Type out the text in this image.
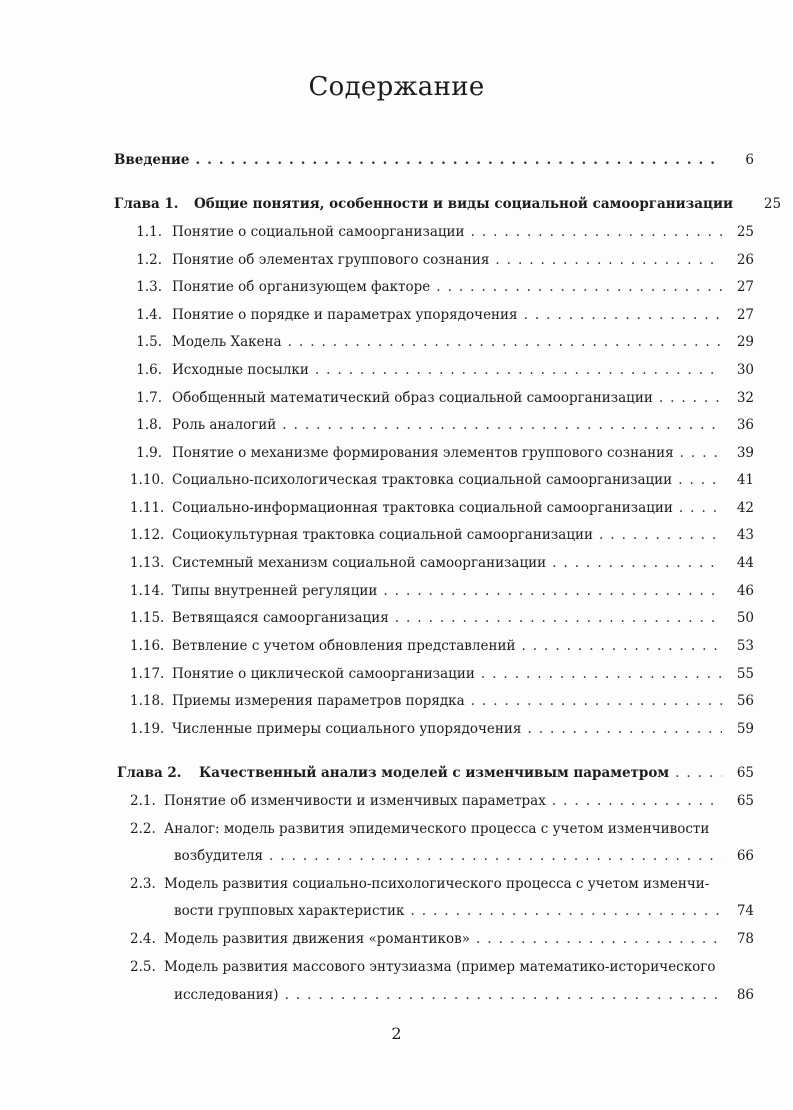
Содержание
Введение .....	6
Глава 1.	Общие понятия, особенности и виды социальной самоорганизации	25
1.1. Понятие о социальной самоорганизации .....	25
1.2. Понятие об элементах группового сознания .....	26
1.3. Понятие об организующем факторе .....	27
1.4. Понятие о порядке и параметрах упорядочения .....	27
1.5. Модель Хакена .....	29
1.6. Исходные посылки .....	30
1.7. Обобщенный математический образ социальной самоорганизации .....	32
1.8. Роль аналогий .....	36
1.9. Понятие о механизме формирования элементов группового сознания .....	39
1.10. Социально-психологическая трактовка социальной самоорганизации .....	41
1.11. Социально-информационная трактовка социальной самоорганизации .....	42
1.12. Социокультурная трактовка социальной самоорганизации .....	43
1.13. Системный механизм социальной самоорганизации .....	44
1.14. Типы внутренней регуляции .....	46
1.15. Ветвящаяся самоорганизация .....	50
1.16. Ветвление с учетом обновления представлений .....	53
1.17. Понятие о циклической самоорганизации .....	55
1.18. Приемы измерения параметров порядка .....	56
1.19. Численные примеры социального упорядочения .....	59
Глава 2.	Качественный анализ моделей с изменчивым параметром .....	65
2.1. Понятие об изменчивости и изменчивых параметрах .....	65
2.2. Аналог: модель развития эпидемического процесса с учетом изменчивости
возбудителя .....	66
2.3. Модель развития социально-психологического процесса с учетом изменчи-
вости групповых характеристик .....	74
2.4. Модель развития движения «романтиков» .....	78
2.5. Модель развития массового энтузиазма (пример математико-исторического
исследования) .....	86
2
